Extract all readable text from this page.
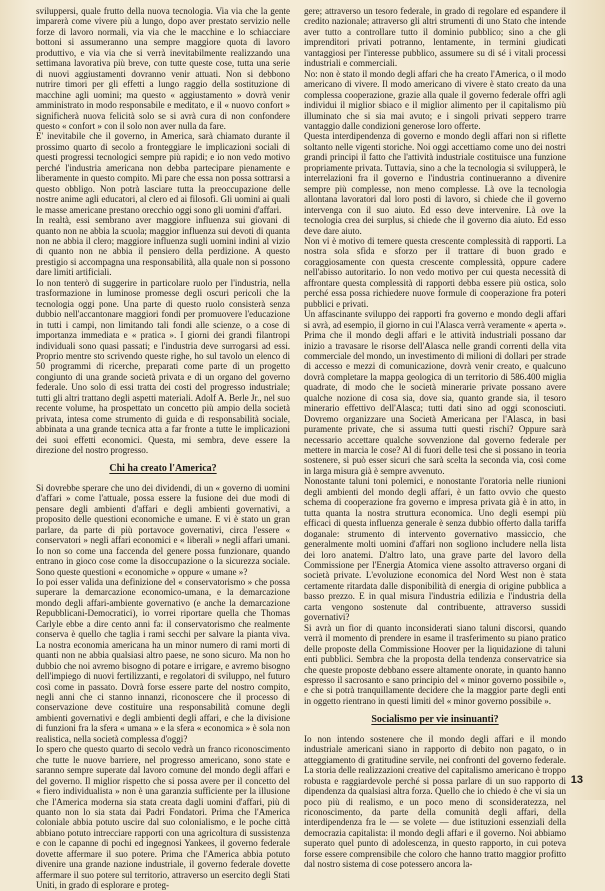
sviluppersi, quale frutto della nuova tecnologia. Via via che la gente imparerà come vivere più a lungo, dopo aver prestato servizio nelle forze di lavoro normali, via via che le macchine e lo schiacciare bottoni si assumeranno una sempre maggiore quota di lavoro produttivo, e via via che si verrà inevitabilmente realizzando una settimana lavorativa più breve, con tutte queste cose, tutta una serie di nuovi aggiustamenti dovranno venir attuati. Non si debbono nutrire timori per gli effetti a lungo raggio della sostituzione di macchine agli uomini; ma questo « aggiustamento » dovrà venir amministrato in modo responsabile e meditato, e il « nuovo confort » significherà nuova felicità solo se si avrà cura di non confondere questo « confort » con il solo non aver nulla da fare.

E' inevitabile che il governo, in America, sarà chiamato durante il prossimo quarto di secolo a fronteggiare le implicazioni sociali di questi progressi tecnologici sempre più rapidi; e io non vedo motivo perché l'industria americana non debba partecipare pienamente e liberamente in questo compito. Mi pare che essa non possa sottrarsi a questo obbligo. Non potrà lasciare tutta la preoccupazione delle nostre anime agli educatori, al clero ed ai filosofi. Gli uomini ai quali le masse americane prestano orecchio oggi sono gli uomini d'affari.

In realtà, essi sembrano aver maggiore influenza sui giovani di quanto non ne abbia la scuola; maggior influenza sui devoti di quanta non ne abbia il clero; maggiore influenza sugli uomini indini al vizio di quanto non ne abbia il pensiero della perdizione. A questo prestigio si accompagna una responsabilità, alla quale non si possono dare limiti artificiali.

Io non tenterò di suggerire in particolare ruolo per l'industria, nella trasformazione in luminose promesse degli oscuri pericoli che la tecnologia oggi pone. Una parte di questo ruolo consisterà senza dubbio nell'accantonare maggiori fondi per promuovere l'educazione in tutti i campi, non limitando tali fondi alle scienze, o a cose di importanza immediata e « pratica ». I giorni dei grandi filantropi individuali sono quasi passati; e l'industria deve surrogarsi ad essi. Proprio mentre sto scrivendo queste righe, ho sul tavolo un elenco di 50 programmi di ricerche, preparati come parte di un progetto congiunto di una grande società privata e di un organo del governo federale. Uno solo di essi tratta dei costi del progresso industriale; tutti gli altri trattano degli aspetti materiali. Adolf A. Berle Jr., nel suo recente volume, ha prospettato un concetto più ampio della società privata, intesa come strumento di guida e di responsabilità sociale, abbinata a una grande tecnica atta a far fronte a tutte le implicazioni dei suoi effetti economici. Questa, mi sembra, deve essere la direzione del nostro progresso.

Chi ha creato l'America?

Si dovrebbe sperare che uno dei dividendi, di un « governo di uomini d'affari » come l'attuale, possa essere la fusione dei due modi di pensare degli ambienti d'affari e degli ambienti governativi, a proposito delle questioni economiche e umane. E vi è stato un gran parlare, da parte di più portavoce governativi, circa l'essere « conservatori » negli affari economici e « liberali » negli affari umani. Io non so come una faccenda del genere possa funzionare, quando entrano in gioco cose come la disoccupazione o la sicurezza sociale. Sono queste questioni « economiche » oppure « umane »?

Io poi esser valida una definizione del « conservatorismo » che possa superare la demarcazione economico-umana, e la demarcazione mondo degli affari-ambiente governativo (e anche la demarcazione Repubblicani-Democratici), io vorrei riportare quella che Thomas Carlyle ebbe a dire cento anni fa: il conservatorismo che realmente conserva è quello che taglia i rami secchi per salvare la pianta viva. La nostra economia americana ha un minor numero di rami morti di quanti non ne abbia qualsiasi altro paese, ne sono sicuro. Ma non ho dubbio che noi avremo bisogno di potare e irrigare, e avremo bisogno dell'impiego di nuovi fertilizzanti, e regolatori di sviluppo, nel futuro così come in passato. Dovrà forse essere parte del nostro compito, negli anni che ci stanno innanzi, riconoscere che il processo di conservazione deve costituire una responsabilità comune degli ambienti governativi e degli ambienti degli affari, e che la divisione di funzioni fra la sfera « umana » e la sfera « economica » è sola non realistica, nella società complessa d'oggi?

Io spero che questo quarto di secolo vedrà un franco riconoscimento che tutte le nuove barriere, nel progresso americano, sono state e saranno sempre superate dal lavoro comune del mondo degli affari e del governo. Il miglior rispetto che si possa avere per il concetto del « fiero individualista » non è una garanzia sufficiente per la illusione che l'America moderna sia stata creata dagli uomini d'affari, più di quanto non lo sia stata dai Padri Fondatori. Prima che l'America coloniale abbia potuto uscire dal suo colonialismo, e le poche città abbiano potuto intrecciare rapporti con una agricoltura di sussistenza e con le capanne di pochi ed ingegnosi Yankees, il governo federale dovette affermare il suo potere. Prima che l'America abbia potuto divenire una grande nazione industriale, il governo federale dovette affermare il suo potere sul territorio, attraverso un esercito degli Stati Uniti, in grado di esplorare e proteg-

gere; attraverso un tesoro federale, in grado di regolare ed espandere il credito nazionale; attraverso gli altri strumenti di uno Stato che intende aver tutto a controllare tutto il dominio pubblico; sino a che gli imprenditori privati potranno, lentamente, in termini giudicati vantaggiosi per l'interesse pubblico, assumere su di sé i vitali processi industriali e commerciali.

No: non è stato il mondo degli affari che ha creato l'America, o il modo americano di vivere. Il modo americano di vivere è stato creato da una complessa cooperazione, grazie alla quale il governo federale offrì agli individui il miglior sbiaco e il miglior alimento per il capitalismo più illuminato che si sia mai avuto; e i singoli privati seppero trarre vantaggio dalle condizioni generose loro offerte.

Questa interdipendenza di governo e mondo degli affari non si riflette soltanto nelle vigenti storiche. Noi oggi accettiamo come uno dei nostri grandi principi il fatto che l'attività industriale costituisce una funzione propriamente privata. Tuttavia, sino a che la tecnologia si svilupperà, le interrelazioni fra il governo e l'industria continueranno a divenire sempre più complesse, non meno complesse. Là ove la tecnologia allontana lavoratori dal loro posti di lavoro, si chiede che il governo intervenga con il suo aiuto. Ed esso deve intervenire. Là ove la tecnologia crea dei surplus, si chiede che il governo dia aiuto. Ed esso deve dare aiuto.

Non vi è motivo di temere questa crescente complessità di rapporti. La nostra sola sfida e sforzo per il trattare di buon grado e coraggiosamente con questa crescente complessità, oppure cadere nell'abisso autoritario. Io non vedo motivo per cui questa necessità di affrontare questa complessità di rapporti debba essere più ostica, solo perché essa possa richiedere nuove formule di cooperazione fra poteri pubblici e privati.

Un affascinante sviluppo dei rapporti fra governo e mondo degli affari si avrà, ad esempio, il giorno in cui l'Alasca verrà veramente « aperta ». Prima che il mondo degli affari e le attività industriali possano dar inizio a travasare le risorse dell'Alasca nelle grandi correnti della vita commerciale del mondo, un investimento di milioni di dollari per strade di accesso e mezzi di comunicazione, dovrà venir creato, e qualcuno dovrà completare la mappa geologica di un territorio di 586.400 miglia quadrate, di modo che le società minerarie private possano avere qualche nozione di cosa sia, dove sia, quanto grande sia, il tesoro minerario effettivo dell'Alasca; tutti dati sino ad oggi sconosciuti. Dovremo organizzare una Società Americana per l'Alasca, in basi puramente private, che si assuma tutti questi rischi? Oppure sarà necessario accettare qualche sovvenzione dal governo federale per mettere in marcia le cose? Al di fuori delle tesi che si possano in teoria sostenere, si può esser sicuri che sarà scelta la seconda via, così come in larga misura già è sempre avvenuto.

Nonostante taluni toni polemici, e nonostante l'oratoria nelle riunioni degli ambienti del mondo degli affari, è un fatto ovvio che questo schema di cooperazione fra governo e impresa privata già è in atto, in tutta quanta la nostra struttura economica. Uno degli esempi più efficaci di questa influenza generale è senza dubbio offerto dalla tariffa doganale: strumento di intervento governativo massiccio, che generalmente molti uomini d'affari non sogliono includere nella lista dei loro anatemi. D'altro lato, una grave parte del lavoro della Commissione per l'Energia Atomica viene assolto attraverso organi di società private. L'evoluzione economica del Nord West non è stata certamente ritardata dalle disponibilità di energia di origine pubblica a basso prezzo. E in qual misura l'industria edilizia e l'industria della carta vengono sostenute dal contribuente, attraverso sussidi governativi?

Si avrà un fior di quanto inconsiderati siano taluni discorsi, quando verrà il momento di prendere in esame il trasferimento su piano pratico delle proposte della Commissione Hoover per la liquidazione di taluni enti pubblici. Sembra che la proposta della tendenza conservatrice sia che queste proposte debbano essere altamente onorate, in quanto hanno espresso il sacrosanto e sano principio del « minor governo possibile », e che si potrà tranquillamente decidere che la maggior parte degli enti in oggetto rientrano in questi limiti del « minor governo possibile ».

Socialismo per vie insinuanti?

Io non intendo sostenere che il mondo degli affari e il mondo industriale americani siano in rapporto di debito non pagato, o in atteggiamento di gratitudine servile, nei confronti del governo federale. La storia delle realizzazioni creative del capitalismo americano è troppo robusta e raggiardevole perché si possa parlare di un suo rapporto di dipendenza da qualsiasi altra forza. Quello che io chiedo è che vi sia un poco più di realismo, e un poco meno di sconsideratezza, nel riconoscimento, da parte della comunità degli affari, della interdipendenza fra le — se volete — due istituzioni essenziali della democrazia capitalista: il mondo degli affari e il governo. Noi abbiamo superato quel punto di adolescenza, in questo rapporto, in cui poteva forse essere comprensibile che coloro che hanno tratto maggior profitto dal nostro sistema di cose potessero ancora la-

13
